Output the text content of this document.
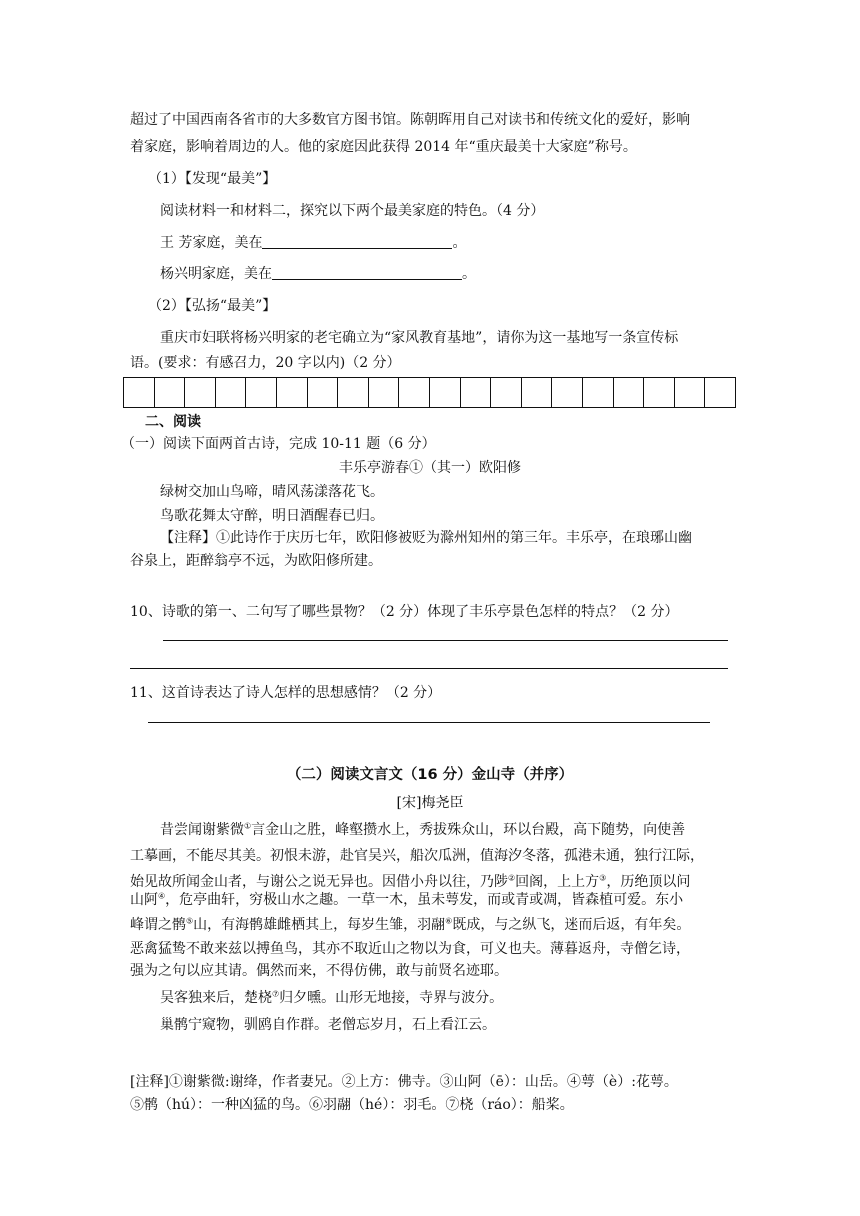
超过了中国西南各省市的大多数官方图书馆。陈朝晖用自己对读书和传统文化的爱好，影响
着家庭，影响着周边的人。他的家庭因此获得 2014 年“重庆最美十大家庭”称号。
（1）【发现“最美”】
阅读材料一和材料二，探究以下两个最美家庭的特色。（4 分）
王 芳家庭，美在	。
杨兴明家庭，美在	。
（2）【弘扬“最美”】
重庆市妇联将杨兴明家的老宅确立为“家风教育基地”，请你为这一基地写一条宣传标
语。(要求：有感召力，20 字以内)（2 分）
二、阅读
（一）阅读下面两首古诗，完成 10-11 题（6 分）
丰乐亭游春①（其一）欧阳修
绿树交加山鸟啼，晴风荡漾落花飞。
鸟歌花舞太守醉，明日酒醒春已归。
【注释】①此诗作于庆历七年，欧阳修被贬为滁州知州的第三年。丰乐亭，在琅琊山幽
谷泉上，距醉翁亭不远，为欧阳修所建。
10、诗歌的第一、二句写了哪些景物？（2 分）体现了丰乐亭景色怎样的特点？（2 分）
11、这首诗表达了诗人怎样的思想感情？（2 分）
（二）阅读文言文（16 分）金山寺（并序）
[宋]梅尧臣
昔尝闻谢紫微①言金山之胜，峰壑攒水上，秀拔殊众山，环以台殿，高下随势，向使善
工摹画，不能尽其美。初恨未游，赴官吴兴，船次瓜洲，值海汐冬落，孤港未通，独行江际，
始见故所闻金山者，与谢公之说无异也。因借小舟以往，乃陟②回阁，上上方③，历绝顶以问
山阿④，危亭曲轩，穷极山水之趣。一草一木，虽未萼发，而或青或凋，皆森植可爱。东小
峰谓之鹘⑤山，有海鹘雄雌栖其上，每岁生雏，羽翮⑥既成，与之纵飞，迷而后返，有年矣。
恶禽猛鸷不敢来兹以搏鱼鸟，其亦不取近山之物以为食，可义也夫。薄暮返舟，寺僧乞诗，
强为之句以应其请。偶然而来，不得仿佛，敢与前贤名迹耶。
吴客独来后，楚桡⑦归夕曛。山形无地接，寺界与波分。
巢鹘宁窥物，驯鸥自作群。老僧忘岁月，石上看江云。
[注释]①谢紫微:谢绛，作者妻兄。②上方：佛寺。③山阿（ē）：山岳。④萼（è）:花萼。
⑤鹘（hú）：一种凶猛的鸟。⑥羽翮（hé）：羽毛。⑦桡（ráo）：船桨。
